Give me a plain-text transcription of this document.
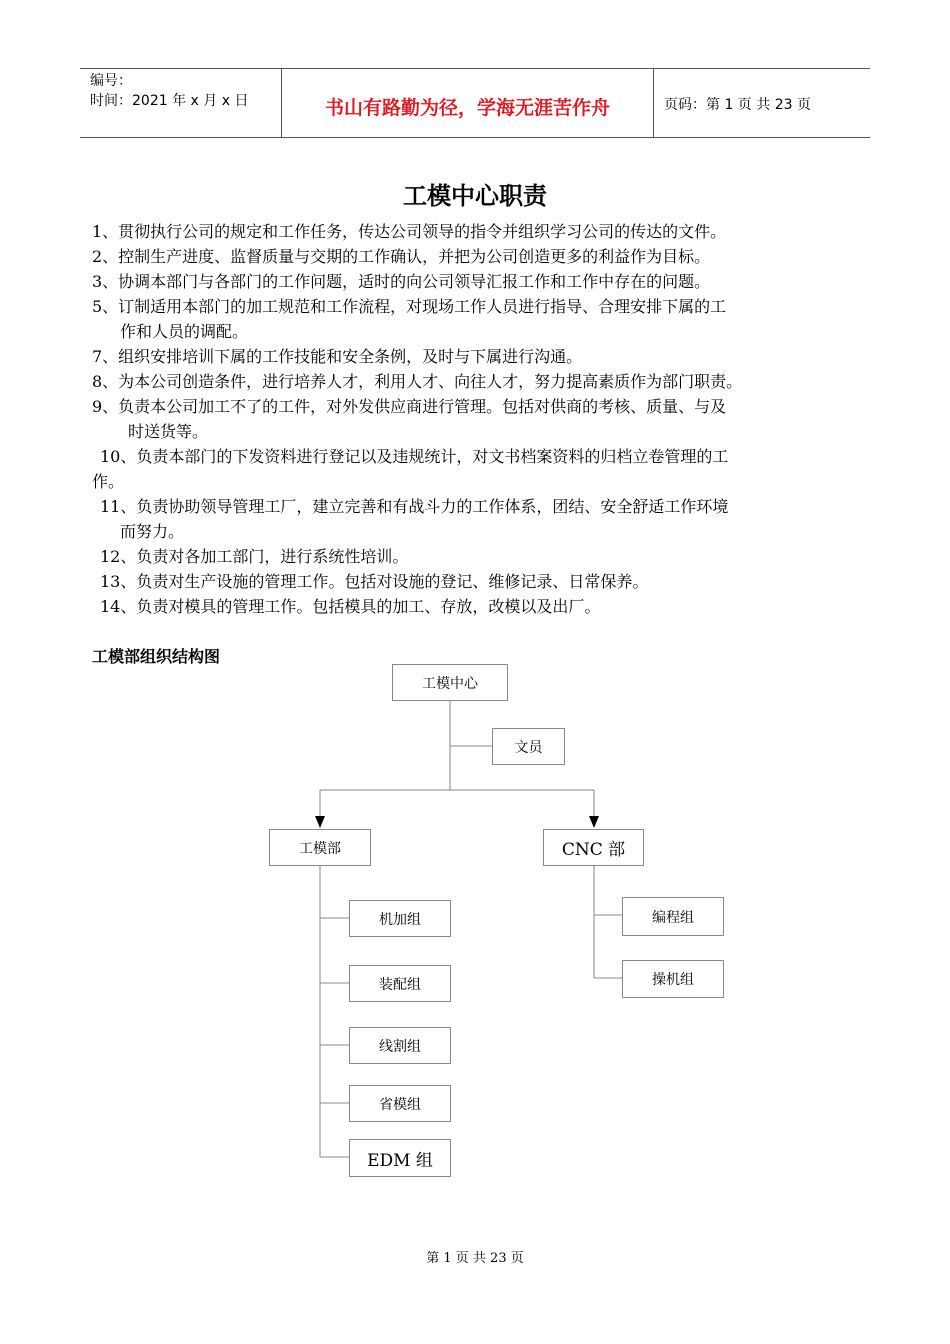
编号：
时间：2021 年 x 月 x 日	书山有路勤为径，学海无涯苦作舟	页码：第 1 页 共 23 页
工模中心职责

1、贯彻执行公司的规定和工作任务，传达公司领导的指令并组织学习公司的传达的文件。

2、控制生产进度、监督质量与交期的工作确认，并把为公司创造更多的利益作为目标。

3、协调本部门与各部门的工作问题，适时的向公司领导汇报工作和工作中存在的问题。

5、订制适用本部门的加工规范和工作流程，对现场工作人员进行指导、合理安排下属的工

作和人员的调配。

7、组织安排培训下属的工作技能和安全条例，及时与下属进行沟通。

8、为本公司创造条件，进行培养人才，利用人才、向往人才，努力提高素质作为部门职责。

9、负责本公司加工不了的工件，对外发供应商进行管理。包括对供商的考核、质量、与及

时送货等。

10、负责本部门的下发资料进行登记以及违规统计，对文书档案资料的归档立卷管理的工

作。

11、负责协助领导管理工厂，建立完善和有战斗力的工作体系，团结、安全舒适工作环境

而努力。

12、负责对各加工部门，进行系统性培训。

13、负责对生产设施的管理工作。包括对设施的登记、维修记录、日常保养。

14、负责对模具的管理工作。包括模具的加工、存放，改模以及出厂。

工模部组织结构图
工模中心
文员
工模部	CNC 部
机加组
装配组
线割组
省模组
EDM 组
编程组
操机组
第 1 页 共 23 页
